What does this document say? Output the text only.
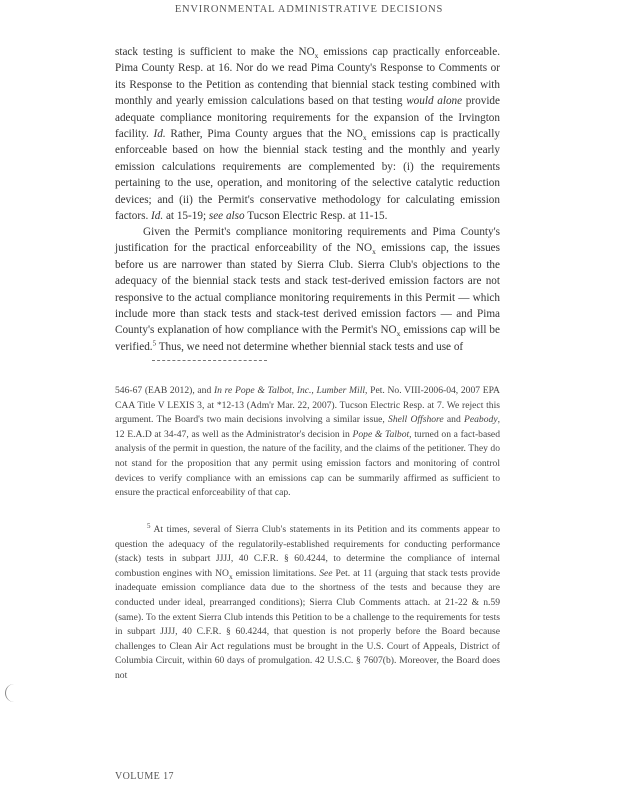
ENVIRONMENTAL ADMINISTRATIVE DECISIONS
stack testing is sufficient to make the $NO_x$ emissions cap practically enforceable. Pima County Resp. at 16. Nor do we read Pima County's Response to Comments or its Response to the Petition as contending that biennial stack testing combined with monthly and yearly emission calculations based on that testing would alone provide adequate compliance monitoring requirements for the expansion of the Irvington facility. Id. Rather, Pima County argues that the $NO_x$ emissions cap is practically enforceable based on how the biennial stack testing and the monthly and yearly emission calculations requirements are complemented by: (i) the requirements pertaining to the use, operation, and monitoring of the selective catalytic reduction devices; and (ii) the Permit's conservative methodology for calculating emission factors. Id. at 15-19; see also Tucson Electric Resp. at 11-15.
Given the Permit's compliance monitoring requirements and Pima County's justification for the practical enforceability of the $NO_x$ emissions cap, the issues before us are narrower than stated by Sierra Club. Sierra Club's objections to the adequacy of the biennial stack tests and stack test-derived emission factors are not responsive to the actual compliance monitoring requirements in this Permit — which include more than stack tests and stack-test derived emission factors — and Pima County's explanation of how compliance with the Permit's $NO_x$ emissions cap will be verified.$^5$ Thus, we need not determine whether biennial stack tests and use of
546-67 (EAB 2012), and In re Pope & Talbot, Inc., Lumber Mill, Pet. No. VIII-2006-04, 2007 EPA CAA Title V LEXIS 3, at *12-13 (Adm'r Mar. 22, 2007). Tucson Electric Resp. at 7. We reject this argument. The Board's two main decisions involving a similar issue, Shell Offshore and Peabody, 12 E.A.D at 34-47, as well as the Administrator's decision in Pope & Talbot, turned on a fact-based analysis of the permit in question, the nature of the facility, and the claims of the petitioner. They do not stand for the proposition that any permit using emission factors and monitoring of control devices to verify compliance with an emissions cap can be summarily affirmed as sufficient to ensure the practical enforceability of that cap.
$^5$ At times, several of Sierra Club's statements in its Petition and its comments appear to question the adequacy of the regulatorily-established requirements for conducting performance (stack) tests in subpart JJJJ, 40 C.F.R. § 60.4244, to determine the compliance of internal combustion engines with $NO_x$ emission limitations. See Pet. at 11 (arguing that stack tests provide inadequate emission compliance data due to the shortness of the tests and because they are conducted under ideal, prearranged conditions); Sierra Club Comments attach. at 21-22 & n.59 (same). To the extent Sierra Club intends this Petition to be a challenge to the requirements for tests in subpart JJJJ, 40 C.F.R. § 60.4244, that question is not properly before the Board because challenges to Clean Air Act regulations must be brought in the U.S. Court of Appeals, District of Columbia Circuit, within 60 days of promulgation. 42 U.S.C. § 7607(b). Moreover, the Board does not
VOLUME 17
